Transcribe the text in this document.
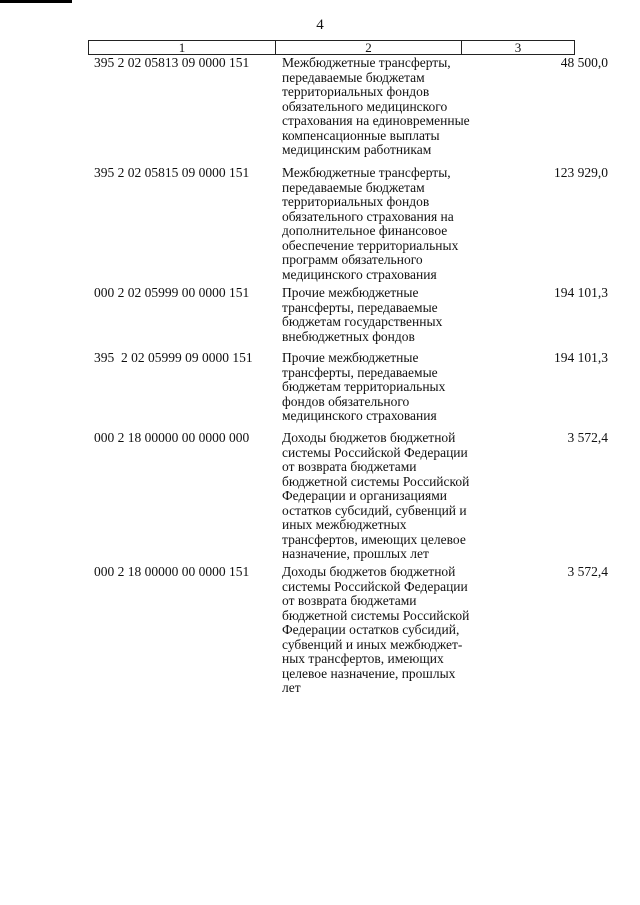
4
1	2	3
395 2 02 05813 09 0000 151 Межбюджетные трансферты,
передаваемые бюджетам
территориальных фондов
обязательного медицинского
страхования на единовременные
компенсационные выплаты
медицинским работникам
48 500,0
395 2 02 05815 09 0000 151 Межбюджетные трансферты,
передаваемые бюджетам
территориальных фондов
обязательного страхования на
дополнительное финансовое
обеспечение территориальных
программ обязательного
медицинского страхования
123 929,0
000 2 02 05999 00 0000 151 Прочие межбюджетные
трансферты, передаваемые
бюджетам государственных
внебюджетных фондов
194 101,3
395  2 02 05999 09 0000 151 Прочие межбюджетные
трансферты, передаваемые
бюджетам территориальных
фондов обязательного
медицинского страхования
194 101,3
000 2 18 00000 00 0000 000 Доходы бюджетов бюджетной
системы Российской Федерации
от возврата бюджетами
бюджетной системы Российской
Федерации и организациями
остатков субсидий, субвенций и
иных межбюджетных
трансфертов, имеющих целевое
назначение, прошлых лет
3 572,4
000 2 18 00000 00 0000 151 Доходы бюджетов бюджетной
системы Российской Федерации
от возврата бюджетами
бюджетной системы Российской
Федерации остатков субсидий,
субвенций и иных межбюджет-
ных трансфертов, имеющих
целевое назначение, прошлых
лет
3 572,4
